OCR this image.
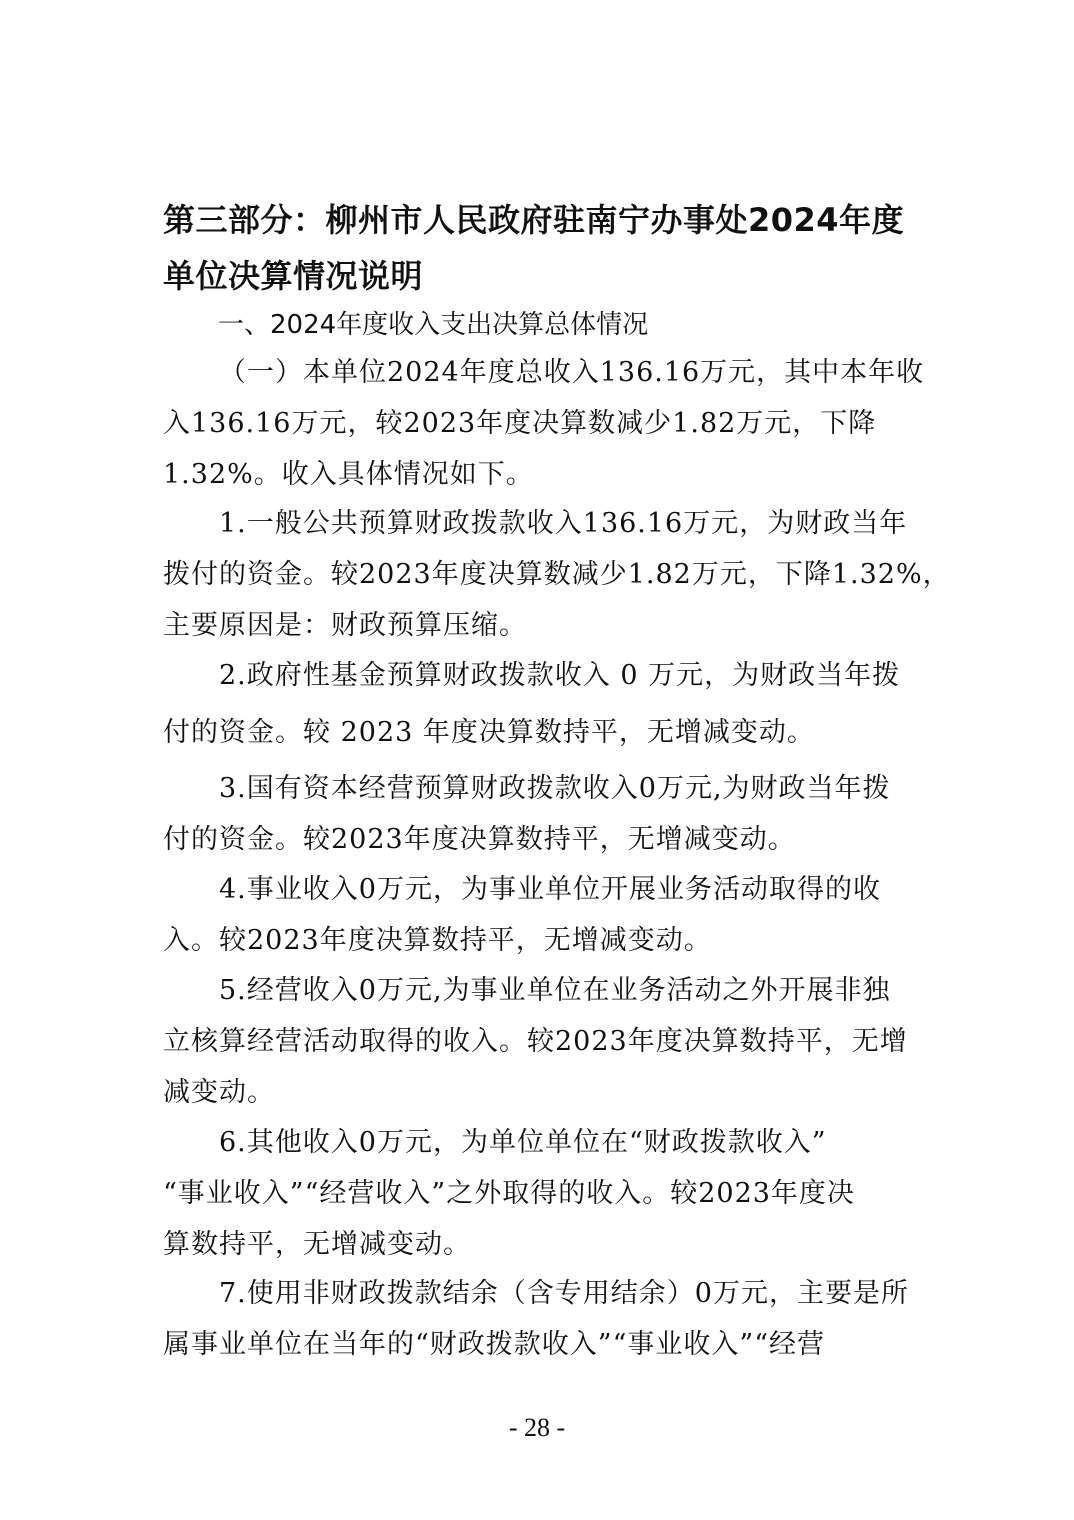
第三部分：柳州市人民政府驻南宁办事处2024年度
单位决算情况说明
一、2024年度收入支出决算总体情况
（一）本单位2024年度总收入136.16万元，其中本年收
入136.16万元，较2023年度决算数减少1.82万元，下降
1.32%。收入具体情况如下。
1.一般公共预算财政拨款收入136.16万元，为财政当年
拨付的资金。较2023年度决算数减少1.82万元，下降1.32%，
主要原因是：财政预算压缩。
2.政府性基金预算财政拨款收入 0 万元，为财政当年拨
付的资金。较 2023 年度决算数持平，无增减变动。
3.国有资本经营预算财政拨款收入0万元,为财政当年拨
付的资金。较2023年度决算数持平，无增减变动。
4.事业收入0万元，为事业单位开展业务活动取得的收
入。较2023年度决算数持平，无增减变动。
5.经营收入0万元,为事业单位在业务活动之外开展非独
立核算经营活动取得的收入。较2023年度决算数持平，无增
减变动。
6.其他收入0万元，为单位单位在“财政拨款收入”
“事业收入”“经营收入”之外取得的收入。较2023年度决
算数持平，无增减变动。
7.使用非财政拨款结余（含专用结余）0万元，主要是所
属事业单位在当年的“财政拨款收入”“事业收入”“经营
- 28 -
